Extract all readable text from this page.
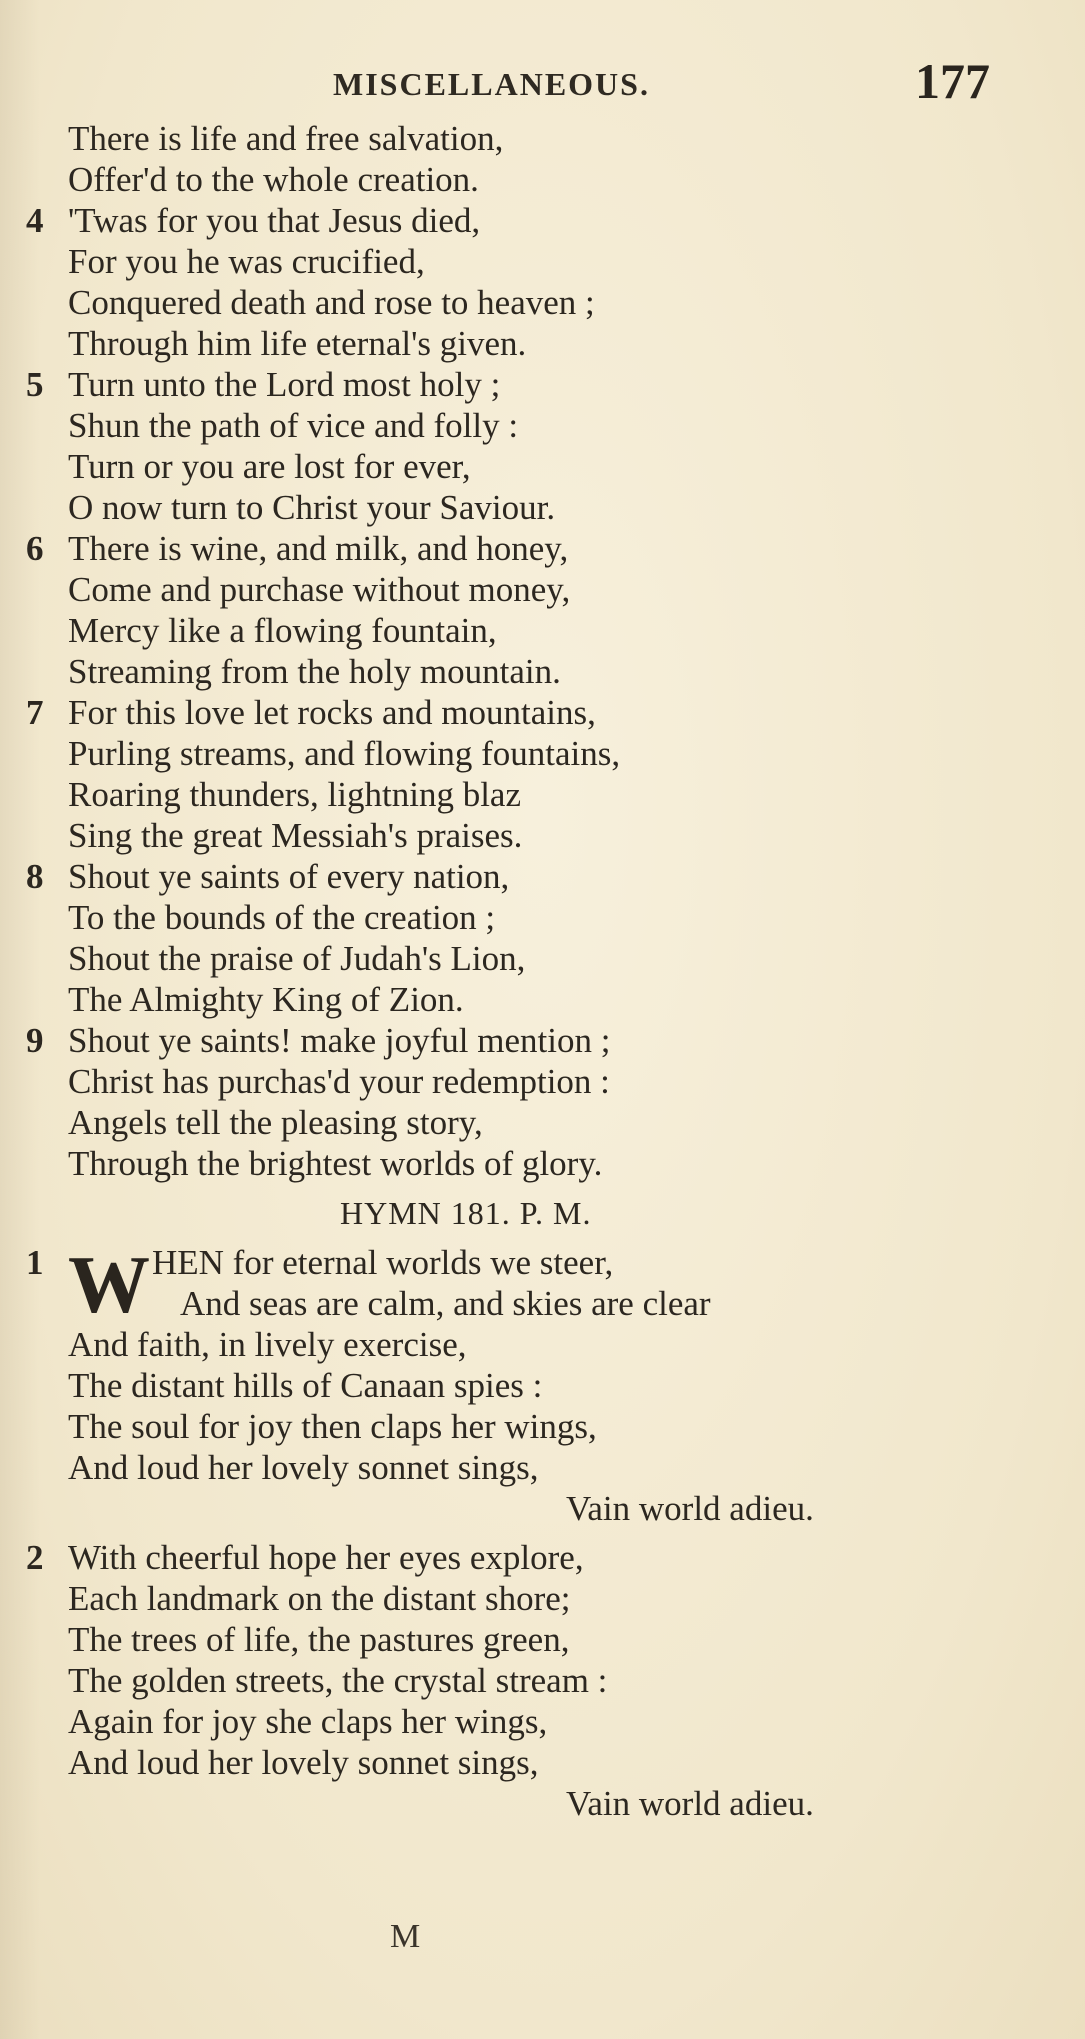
MISCELLANEOUS.	177
There is life and free salvation,
Offer'd to the whole creation.
4 'Twas for you that Jesus died,
For you he was crucified,
Conquered death and rose to heaven ;
Through him life eternal's given.
5 Turn unto the Lord most holy ;
Shun the path of vice and folly :
Turn or you are lost for ever,
O now turn to Christ your Saviour.
6 There is wine, and milk, and honey,
Come and purchase without money,
Mercy like a flowing fountain,
Streaming from the holy mountain.
7 For this love let rocks and mountains,
Purling streams, and flowing fountains,
Roaring thunders, lightning blaz
Sing the great Messiah's praises.
8 Shout ye saints of every nation,
To the bounds of the creation ;
Shout the praise of Judah's Lion,
The Almighty King of Zion.
9 Shout ye saints! make joyful mention ;
Christ has purchas'd your redemption :
Angels tell the pleasing story,
Through the brightest worlds of glory.
HYMN 181. P. M.
1 W HEN for eternal worlds we steer,
And seas are calm, and skies are clear
And faith, in lively exercise,
The distant hills of Canaan spies :
The soul for joy then claps her wings,
And loud her lovely sonnet sings,
Vain world adieu.
2 With cheerful hope her eyes explore,
Each landmark on the distant shore;
The trees of life, the pastures green,
The golden streets, the crystal stream :
Again for joy she claps her wings,
And loud her lovely sonnet sings,
Vain world adieu.
M
